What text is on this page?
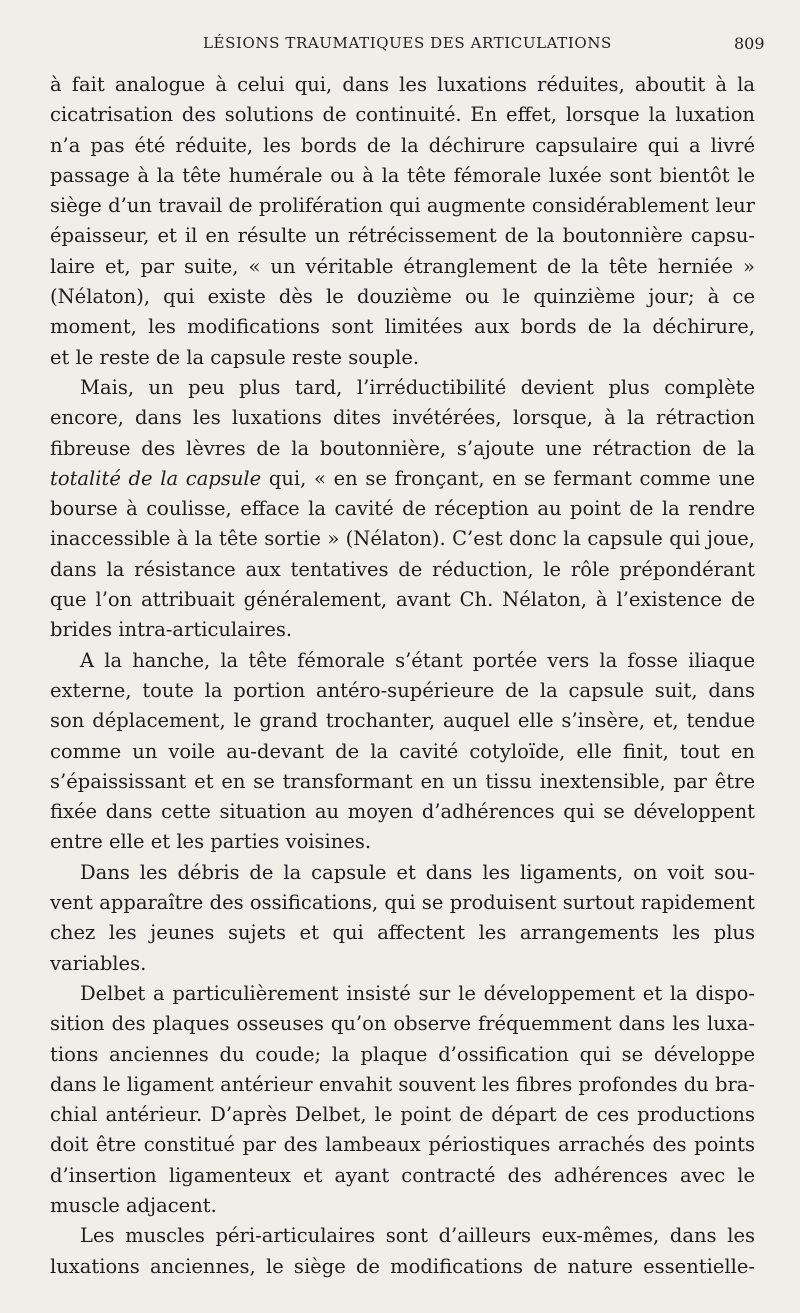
LÉSIONS TRAUMATIQUES DES ARTICULATIONS	809
à fait analogue à celui qui, dans les luxations réduites, aboutit à la
cicatrisation des solutions de continuité. En effet, lorsque la luxation
n’a pas été réduite, les bords de la déchirure capsulaire qui a livré
passage à la tête humérale ou à la tête fémorale luxée sont bientôt le
siège d’un travail de prolifération qui augmente considérablement leur
épaisseur, et il en résulte un rétrécissement de la boutonnière capsu-
laire et, par suite, « un véritable étranglement de la tête herniée »
(Nélaton), qui existe dès le douzième ou le quinzième jour; à ce
moment, les modifications sont limitées aux bords de la déchirure,
et le reste de la capsule reste souple.
Mais, un peu plus tard, l’irréductibilité devient plus complète
encore, dans les luxations dites invétérées, lorsque, à la rétraction
fibreuse des lèvres de la boutonnière, s’ajoute une rétraction de la
totalité de la capsule qui, « en se fronçant, en se fermant comme une
bourse à coulisse, efface la cavité de réception au point de la rendre
inaccessible à la tête sortie » (Nélaton). C’est donc la capsule qui joue,
dans la résistance aux tentatives de réduction, le rôle prépondérant
que l’on attribuait généralement, avant Ch. Nélaton, à l’existence de
brides intra-articulaires.
A la hanche, la tête fémorale s’étant portée vers la fosse iliaque
externe, toute la portion antéro-supérieure de la capsule suit, dans
son déplacement, le grand trochanter, auquel elle s’insère, et, tendue
comme un voile au-devant de la cavité cotyloïde, elle finit, tout en
s’épaississant et en se transformant en un tissu inextensible, par être
fixée dans cette situation au moyen d’adhérences qui se développent
entre elle et les parties voisines.
Dans les débris de la capsule et dans les ligaments, on voit sou-
vent apparaître des ossifications, qui se produisent surtout rapidement
chez les jeunes sujets et qui affectent les arrangements les plus
variables.
Delbet a particulièrement insisté sur le développement et la dispo-
sition des plaques osseuses qu’on observe fréquemment dans les luxa-
tions anciennes du coude; la plaque d’ossification qui se développe
dans le ligament antérieur envahit souvent les fibres profondes du bra-
chial antérieur. D’après Delbet, le point de départ de ces productions
doit être constitué par des lambeaux périostiques arrachés des points
d’insertion ligamenteux et ayant contracté des adhérences avec le
muscle adjacent.
Les muscles péri-articulaires sont d’ailleurs eux-mêmes, dans les
luxations anciennes, le siège de modifications de nature essentielle-
